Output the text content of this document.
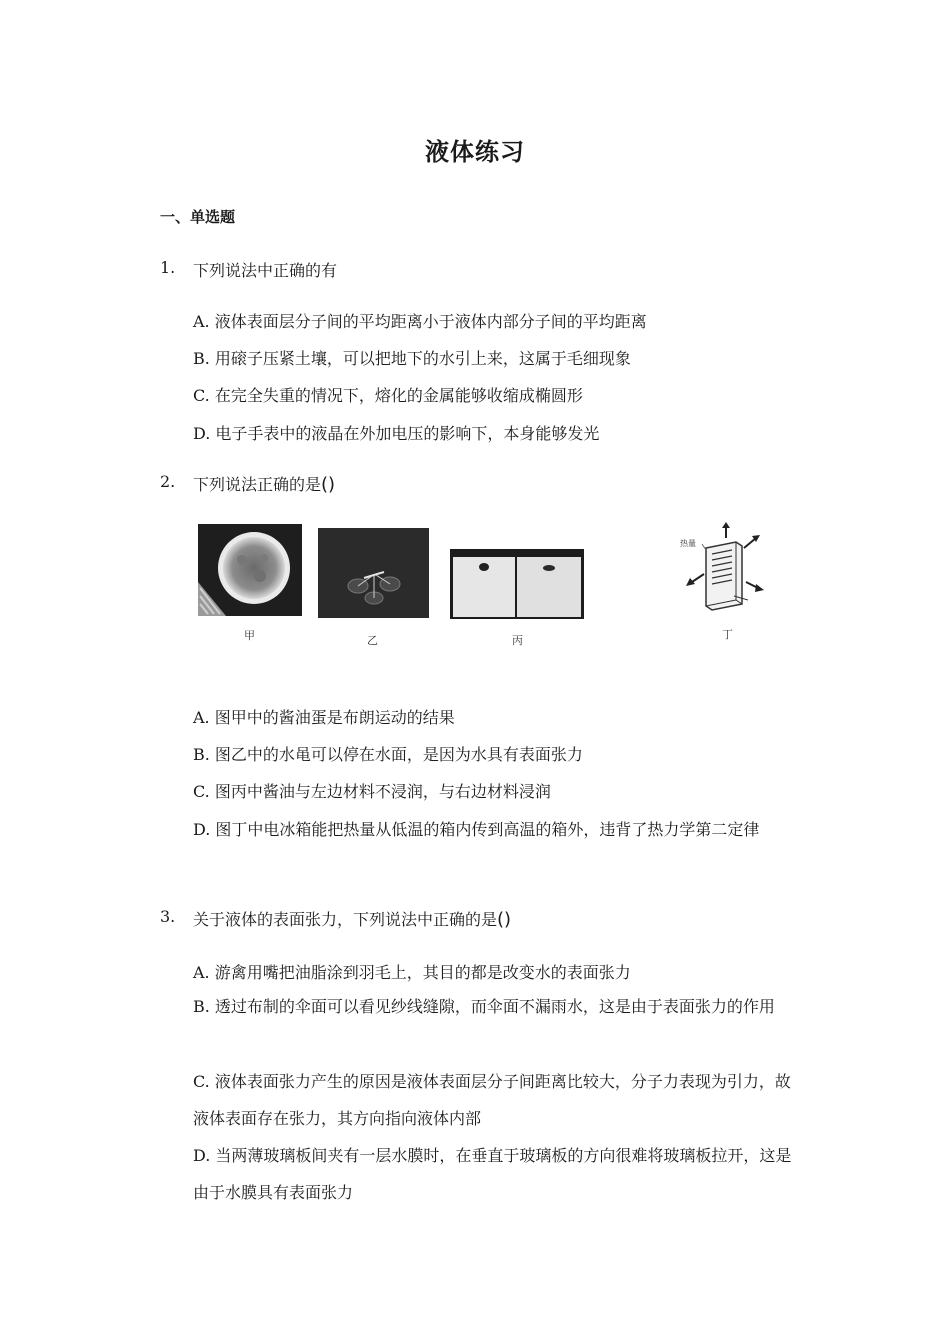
液体练习
一、单选题
1. 下列说法中正确的有
A. 液体表面层分子间的平均距离小于液体内部分子间的平均距离
B. 用磙子压紧土壤，可以把地下的水引上来，这属于毛细现象
C. 在完全失重的情况下，熔化的金属能够收缩成椭圆形
D. 电子手表中的液晶在外加电压的影响下，本身能够发光
2. 下列说法正确的是()
甲	乙	丙
热量
丁
A. 图甲中的酱油蛋是布朗运动的结果
B. 图乙中的水黾可以停在水面，是因为水具有表面张力
C. 图丙中酱油与左边材料不浸润，与右边材料浸润
D. 图丁中电冰箱能把热量从低温的箱内传到高温的箱外，违背了热力学第二定律
3. 关于液体的表面张力，下列说法中正确的是()
A. 游禽用嘴把油脂涂到羽毛上，其目的都是改变水的表面张力
B. 透过布制的伞面可以看见纱线缝隙，而伞面不漏雨水，这是由于表面张力的作用
C. 液体表面张力产生的原因是液体表面层分子间距离比较大，分子力表现为引力，故液体表面存在张力，其方向指向液体内部
D. 当两薄玻璃板间夹有一层水膜时，在垂直于玻璃板的方向很难将玻璃板拉开，这是由于水膜具有表面张力
